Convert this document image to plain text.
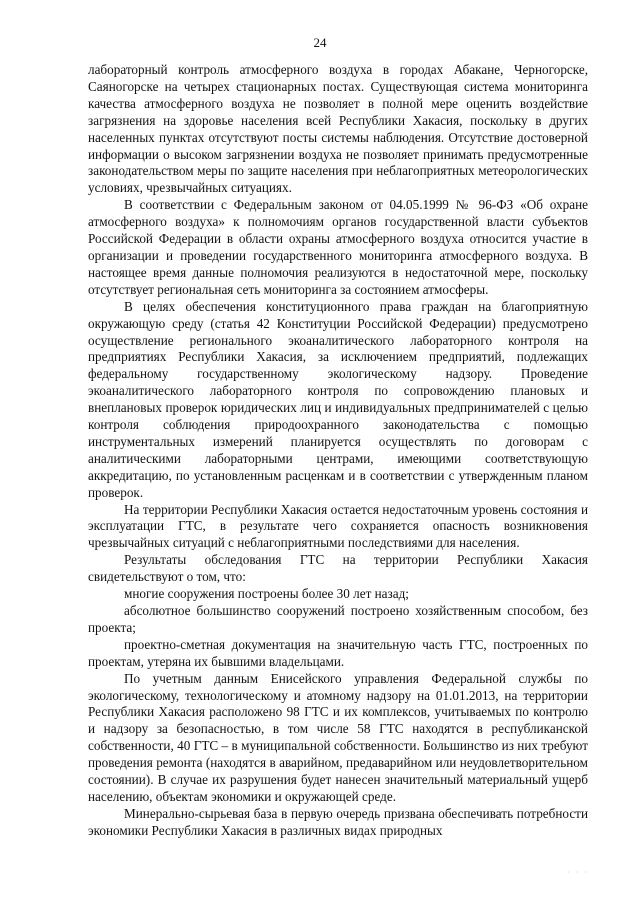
24

лабораторный контроль атмосферного воздуха в городах Абакане, Черногорске, Саяногорске на четырех стационарных постах. Существующая система мониторинга качества атмосферного воздуха не позволяет в полной мере оценить воздействие загрязнения на здоровье населения всей Республики Хакасия, поскольку в других населенных пунктах отсутствуют посты системы наблюдения. Отсутствие достоверной информации о высоком загрязнении воздуха не позволяет принимать предусмотренные законодательством меры по защите населения при неблагоприятных метеорологических условиях, чрезвычайных ситуациях.

В соответствии с Федеральным законом от 04.05.1999 № 96-ФЗ «Об охране атмосферного воздуха» к полномочиям органов государственной власти субъектов Российской Федерации в области охраны атмосферного воздуха относится участие в организации и проведении государственного мониторинга атмосферного воздуха. В настоящее время данные полномочия реализуются в недостаточной мере, поскольку отсутствует региональная сеть мониторинга за состоянием атмосферы.

В целях обеспечения конституционного права граждан на благоприятную окружающую среду (статья 42 Конституции Российской Федерации) предусмотрено осуществление регионального экоаналитического лабораторного контроля на предприятиях Республики Хакасия, за исключением предприятий, подлежащих федеральному государственному экологическому надзору. Проведение экоаналитического лабораторного контроля по сопровождению плановых и внеплановых проверок юридических лиц и индивидуальных предпринимателей с целью контроля соблюдения природоохранного законодательства с помощью инструментальных измерений планируется осуществлять по договорам с аналитическими лабораторными центрами, имеющими соответствующую аккредитацию, по установленным расценкам и в соответствии с утвержденным планом проверок.

На территории Республики Хакасия остается недостаточным уровень состояния и эксплуатации ГТС, в результате чего сохраняется опасность возникновения чрезвычайных ситуаций с неблагоприятными последствиями для населения.

Результаты обследования ГТС на территории Республики Хакасия свидетельствуют о том, что:

многие сооружения построены более 30 лет назад;

абсолютное большинство сооружений построено хозяйственным способом, без проекта;

проектно-сметная документация на значительную часть ГТС, построенных по проектам, утеряна их бывшими владельцами.

По учетным данным Енисейского управления Федеральной службы по экологическому, технологическому и атомному надзору на 01.01.2013, на территории Республики Хакасия расположено 98 ГТС и их комплексов, учитываемых по контролю и надзору за безопасностью, в том числе 58 ГТС находятся в республиканской собственности, 40 ГТС – в муниципальной собственности. Большинство из них требуют проведения ремонта (находятся в аварийном, предаварийном или неудовлетворительном состоянии). В случае их разрушения будет нанесен значительный материальный ущерб населению, объектам экономики и окружающей среде.

Минерально-сырьевая база в первую очередь призвана обеспечивать потребности экономики Республики Хакасия в различных видах природных

· · ·
